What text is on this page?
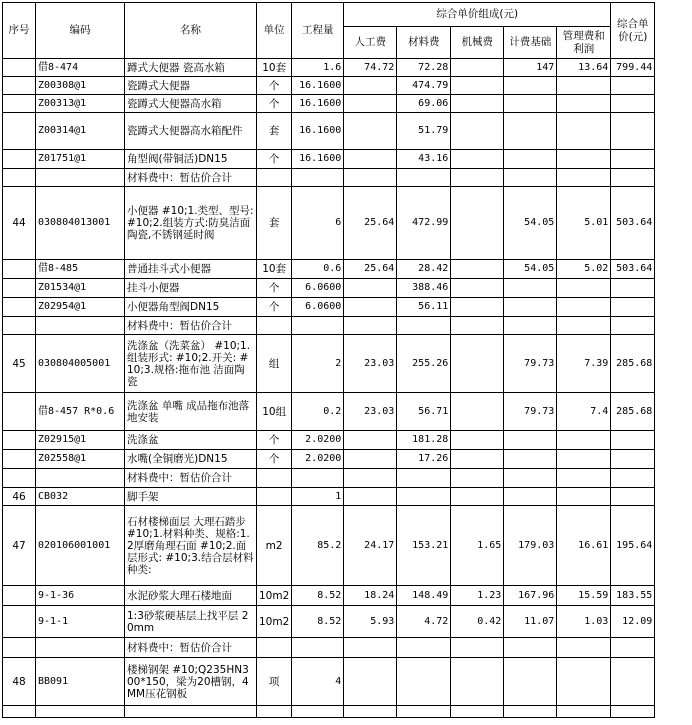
序号	编码	名称	单位	工程量	综合单价组成(元)					综合单价(元)
					人工费	材料费	机械费	计费基础	管理费和利润	
	借8-474	蹲式大便器 瓷高水箱	10套	1.6	74.72	72.28		147	13.64	799.44
	Z00308@1	瓷蹲式大便器	个	16.1600		474.79				
	Z00313@1	瓷蹲式大便器高水箱	个	16.1600		69.06				
	Z00314@1	瓷蹲式大便器高水箱配件	套	16.1600		51.79				
	Z01751@1	角型阀(带铜活)DN15	个	16.1600		43.16				
		材料费中：暂估价合计								
44	030804013001	小便器 #10;1.类型、型号: #10;2.组装方式:防臭洁面陶瓷,不锈钢延时阀	套	6	25.64	472.99		54.05	5.01	503.64
	借8-485	普通挂斗式小便器	10套	0.6	25.64	28.42		54.05	5.02	503.64
	Z01534@1	挂斗小便器	个	6.0600		388.46				
	Z02954@1	小便器角型阀DN15	个	6.0600		56.11				
		材料费中：暂估价合计								
45	030804005001	洗涤盆（洗菜盆） #10;1.组装形式: #10;2.开关: #10;3.规格:拖布池 洁面陶瓷	组	2	23.03	255.26		79.73	7.39	285.68
	借8-457 R*0.6	洗涤盆 单嘴 成品拖布池落地安装	10组	0.2	23.03	56.71		79.73	7.4	285.68
	Z02915@1	洗涤盆	个	2.0200		181.28				
	Z02558@1	水嘴(全铜磨光)DN15	个	2.0200		17.26				
		材料费中：暂估价合计								
46	CB032	脚手架		1						
47	020106001001	石材楼梯面层 大理石踏步 #10;1.材料种类、规格:1.2厚磨角理石面 #10;2.面层形式: #10;3.结合层材料种类:	m2	85.2	24.17	153.21	1.65	179.03	16.61	195.64
	9-1-36	水泥砂浆大理石楼地面	10m2	8.52	18.24	148.49	1.23	167.96	15.59	183.55
	9-1-1	1:3砂浆硬基层上找平层 20mm	10m2	8.52	5.93	4.72	0.42	11.07	1.03	12.09
		材料费中：暂估价合计								
48	BB091	楼梯钢架 #10;Q235HN300*150，梁为20槽钢，4MM压花钢板	项	4						
